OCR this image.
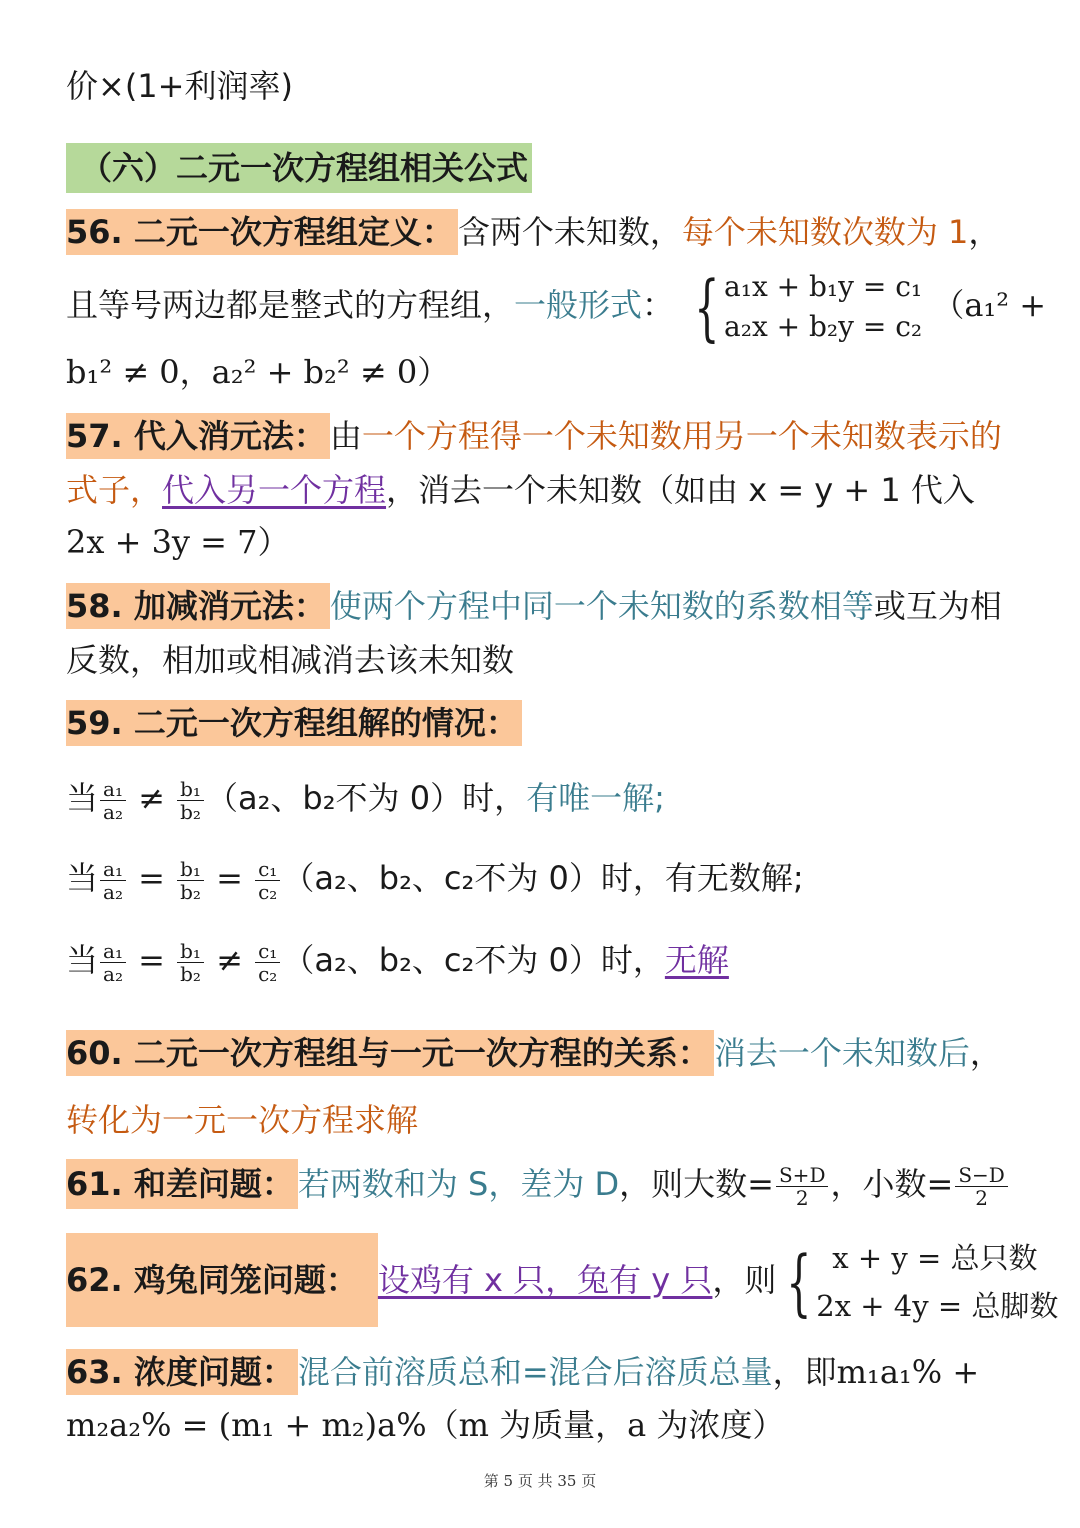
价×(1+利润率)
（六）二元一次方程组相关公式
56. 二元一次方程组定义： 含两个未知数，每个未知数次数为 1，
且等号两边都是整式的方程组，一般形式： { a₁x + b₁y = c₁
a₂x + b₂y = c₂
（a₁² +
b₁² ≠ 0，a₂² + b₂² ≠ 0）
57. 代入消元法： 由一个方程得一个未知数用另一个未知数表示的
式子，代入另一个方程，消去一个未知数（如由 x = y + 1 代入
2x + 3y = 7）
58. 加减消元法： 使两个方程中同一个未知数的系数相等或互为相
反数，相加或相减消去该未知数
59. 二元一次方程组解的情况：
当 $\frac{\text{a₁}}{\text{a₂}} \ne \frac{\text{b₁}}{\text{b₂}} (a_2$、b₂不为 0）时，有唯一解;
当 $\frac{\text{a₁}}{\text{a₂}} = \frac{\text{b₁}}{\text{b₂}} = \frac{\text{c₁}}{\text{c₂}} (a_2$、b₂、c₂不为 0）时，有无数解;
当 $\frac{\text{a₁}}{\text{a₂}} = \frac{\text{b₁}}{\text{b₂}} \ne \frac{\text{c₁}}{\text{c₂}} (a_2$、b₂、c₂不为 0）时，无解
60. 二元一次方程组与一元一次方程的关系： 消去一个未知数后，
转化为一元一次方程求解
61. 和差问题： 若两数和为 S，差为 D，则大数= $\frac{S+D}{2}$ ，小数= $\frac{S-D}{2}$
62. 鸡兔同笼问题： 设鸡有 x 只，兔有 y 只，则 { x + y = 总只数
2x + 4y = 总脚数
63. 浓度问题： 混合前溶质总和=混合后溶质总量，即m₁a₁% +
m₂a₂% = (m₁ + m₂)a%（m 为质量，a 为浓度）
第 5 页 共 35 页
